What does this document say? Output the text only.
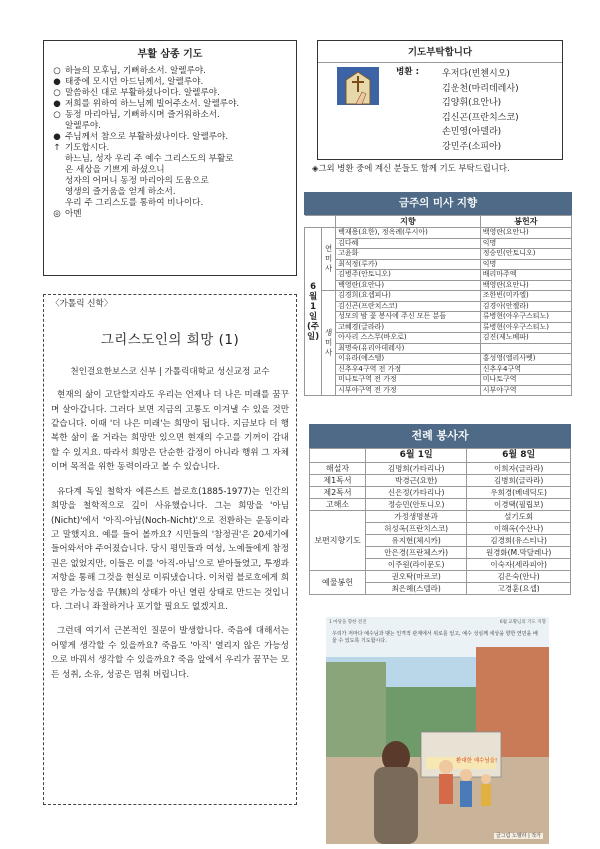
부활 삼종 기도
○ 하늘의 모후님, 기뻐하소서. 알렐루야.
● 태중에 모시던 아드님께서, 알렐루야.
○ 말씀하신 대로 부활하셨나이다. 알렐루야.
● 저희를 위하여 하느님께 빌어주소서. 알렐루야.
○ 동정 마리아님, 기뻐하시며 즐거워하소서.
알렐루야.
● 주님께서 참으로 부활하셨나이다. 알렐루야.
↑ 기도합시다.
하느님, 성자 우리 주 예수 그리스도의 부활로
온 세상을 기쁘게 하셨으니
성자의 어머니 동정 마리아의 도움으로
영생의 즐거움을 얻게 하소서.
우리 주 그리스도를 통하여 비나이다.
◎ 아멘
기도부탁합니다
병환 :	우저다(빈첸시오)
김운천(마리데레사)
김양휘(요안나)
김신곤(프란치스코)
손민영(아델라)
강민주(소피아)
◈그외 병환 중에 계신 분들도 함께 기도 부탁드립니다.
금주의 미사 지향
		지향	봉헌자
6월1일(주일)	연미사	백재용(요한), 정옥례(루시아)	백영란(요안나)
		김다혜	익명
		고윤화	정승민(안토니오)
		최석정(루카)	익명
		김병주(안토니오)	배리마주엑
		백영란(요안나)	백영란(요안나)
	생미사	김경희(요셉피나)	조한빈(미카엘)
		김신곤(프란치스코)	김경아(안젤라)
		성모의 밤 꽃 봉사에 주신 모든 분들	류병현(아우구스티노)
		고혜경(글라라)	류병현(아우구스티노)
		아사리 스스무(바오로)	김진(제노베파)
		최명숙(유리아데레사)	
		이유라(에스텔)	홍성영(엘리사벳)
		신추우4구역 전 가정	신추우4구역
		미나토구역 전 가정	미나토구역
		시부야구역 전 가정	시부야구역
전례 봉사자
	6월 1일	6월 8일
해설자	김명희(가타리나)	이희자(글라라)
제1독서	박경근(요한)	김병희(글라라)
제2독서	신은정(가타리나)	우희경(베네딕도)
고해소	정승민(안토니오)	이경택(필립보)
보편지향기도	가정생명분과	설기도회
	허성옥(프란치스코)	이해옥(수산나)
	유지현(체시카)	김경희(유스티나)
	안은경(프란체스카)	원경화(M.막달레나)
	이주원(라이문도)	이숙자(세라피아)
예물봉헌	권오탁(마르코)	김은숙(안나)
	최은혜(스텔라)	고경훈(요셉)
〈가톨릭 신학〉
그리스도인의 희망 (1)
천인걸요한보스코 신부 | 가톨릭대학교 성신교정 교수

현재의 삶이 고단할지라도 우리는 언제나 더 나은 미래를 꿈꾸며 살아갑니다. 그러다 보면 지금의 고통도 이겨낼 수 있을 것만 같습니다. 이때 '더 나은 미래'는 희망이 됩니다. 지금보다 더 행복한 삶이 올 거라는 희망만 있으면 현재의 수고를 기꺼이 감내할 수 있지요. 따라서 희망은 단순한 감정이 아니라 행위 그 자체이며 목적을 위한 동력이라고 볼 수 있습니다.

유다계 독일 철학자 에른스트 블로흐(1885-1977)는 인간의 희망을 철학적으로 깊이 사유했습니다. 그는 희망을 '아님(Nicht)'에서 '아직-아님(Noch-Nicht)'으로 전환하는 운동이라고 말했지요. 예를 들어 볼까요? 시민들의 '참정권'은 20세기에 들어와서야 주어졌습니다. 당시 평민들과 여성, 노예들에게 참정권은 없었지만, 이들은 이를 '아직-아님'으로 받아들였고, 투쟁과 저항을 통해 그것을 현실로 이뤄냈습니다. 이처럼 블로흐에게 희망은 가능성을 무(無)의 상태가 아닌 열린 상태로 만드는 것입니다. 그러니 좌절하거나 포기할 필요도 없겠지요.

그런데 여기서 근본적인 질문이 발생합니다. 죽음에 대해서는 어떻게 생각할 수 있을까요? 죽음도 '아직' 열리지 않은 가능성으로 바꿔서 생각할 수 있을까요? 죽음 앞에서 우리가 꿈꾸는 모든 성취, 소유, 성공은 멈춰 버립니다.

1 마당을 향한 전진	6월 교황님의 기도 지향
우리가 저마다 예수님과 맺는 인격적 관계에서 위로를 얻고, 예수 성심께 세상을 향한 연민을 배울 수 있도록 기도합시다.
환대한 예수님을!
글그림 노벨라 | 작가
